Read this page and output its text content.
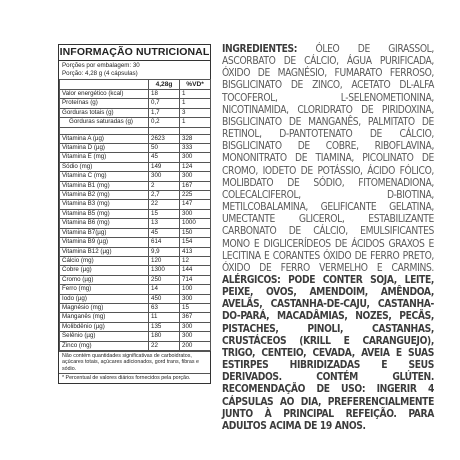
INFORMAÇÃO NUTRICIONAL
Porções por embalagem: 30
Porção: 4,28 g (4 cápsulas)
	4,28g	%VD*
Valor energético (kcal)	18	1
Proteínas (g)	0,7	1
Gorduras totais (g)	1,7	3
Gorduras saturadas (g)	0,2	1

Vitamina A (µg)	2623	328
Vitamina D (µg)	50	333
Vitamina E (mg)	45	300
Sódio (mg)	149	124
Vitamina C (mg)	300	300
Vitamina B1 (mg)	2	167
Vitamina B2 (mg)	2,7	225
Vitamina B3 (mg)	22	147
Vitamina B5 (mg)	15	300
Vitamina B6 (mg)	13	1000
Vitamina B7(µg)	45	150
Vitamina B9 (µg)	614	154
Vitamina B12 (µg)	9,9	413
Cálcio (mg)	120	12
Cobre (µg)	1300	144
Cromo (µg)	250	714
Ferro (mg)	14	100
Iodo (µg)	450	300
Magnésio (mg)	63	15
Manganês (mg)	11	367
Molibdênio (µg)	135	300
Selênio (µg)	180	300
Zinco (mg)	22	200
Não contém quantidades significativas de carboidratos, açúcares totais, açúcares adicionados, gord trans, fibras e sódio.
* Percentual de valores diários fornecidos pela porção.
INGREDIENTES: ÓLEO DE GIRASSOL, ASCORBATO DE CÁLCIO, ÁGUA PURIFICADA, ÓXIDO DE MAGNÉSIO, FUMARATO FERROSO, BISGLICINATO DE ZINCO, ACETATO DL-ALFA TOCOFEROL, L-SELENOMETIONINA, NICOTINAMIDA, CLORIDRATO DE PIRIDOXINA, BISGLICINATO DE MANGANÊS, PALMITATO DE RETINOL, D-PANTOTENATO DE CÁLCIO, BISGLICINATO DE COBRE, RIBOFLAVINA, MONONITRATO DE TIAMINA, PICOLINATO DE CROMO, IODETO DE POTÁSSIO, ÁCIDO FÓLICO, MOLIBDATO DE SÓDIO, FITOMENADIONA, COLECALCIFEROL, D-BIOTINA, METILCOBALAMINA, GELIFICANTE GELATINA, UMECTANTE GLICEROL, ESTABILIZANTE CARBONATO DE CÁLCIO, EMULSIFICANTES MONO E DIGLICERÍDEOS DE ÁCIDOS GRAXOS E LECITINA E CORANTES ÓXIDO DE FERRO PRETO, ÓXIDO DE FERRO VERMELHO E CARMINS. ALÉRGICOS: PODE CONTER SOJA, LEITE, PEIXE, OVOS, AMENDOIM, AMÊNDOA, AVELÃS, CASTANHA-DE-CAJU, CASTANHA-DO-PARÁ, MACADÂMIAS, NOZES, PECÃS, PISTACHES, PINOLI, CASTANHAS, CRUSTÁCEOS (KRILL E CARANGUEJO), TRIGO, CENTEIO, CEVADA, AVEIA E SUAS ESTIRPES HIBRIDIZADAS E SEUS DERIVADOS. CONTÉM GLÚTEN. RECOMENDAÇÃO DE USO: INGERIR 4 CÁPSULAS AO DIA, PREFERENCIALMENTE JUNTO À PRINCIPAL REFEIÇÃO. PARA ADULTOS ACIMA DE 19 ANOS.
